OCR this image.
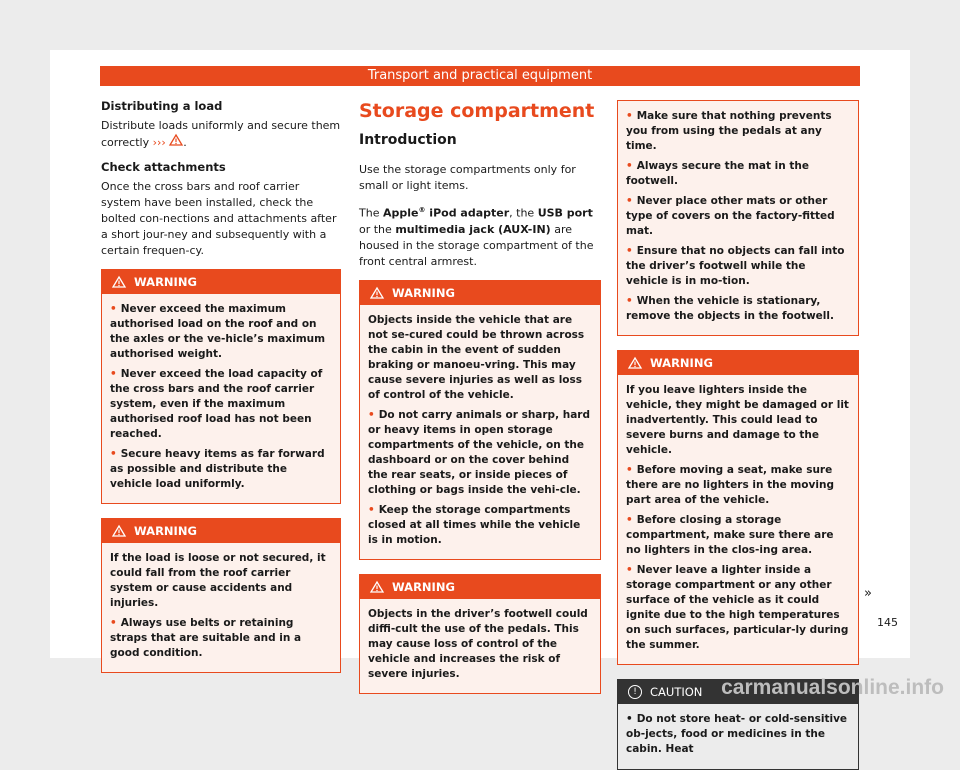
Transport and practical equipment
Distributing a load

Distribute loads uniformly and secure them correctly ››› .

Check attachments

Once the cross bars and roof carrier system have been installed, check the bolted con-nections and attachments after a short jour-ney and subsequently with a certain frequen-cy.

WARNING

• Never exceed the maximum authorised load on the roof and on the axles or the ve-hicle’s maximum authorised weight.

• Never exceed the load capacity of the cross bars and the roof carrier system, even if the maximum authorised roof load has not been reached.

• Secure heavy items as far forward as possible and distribute the vehicle load uniformly.

WARNING

If the load is loose or not secured, it could fall from the roof carrier system or cause accidents and injuries.

• Always use belts or retaining straps that are suitable and in a good condition.

Storage compartment
Introduction

Use the storage compartments only for small or light items.

The Apple® iPod adapter, the USB port or the multimedia jack (AUX-IN) are housed in the storage compartment of the front central armrest.

WARNING

Objects inside the vehicle that are not se-cured could be thrown across the cabin in the event of sudden braking or manoeu-vring. This may cause severe injuries as well as loss of control of the vehicle.

• Do not carry animals or sharp, hard or heavy items in open storage compartments of the vehicle, on the dashboard or on the cover behind the rear seats, or inside pieces of clothing or bags inside the vehi-cle.

• Keep the storage compartments closed at all times while the vehicle is in motion.

WARNING

Objects in the driver’s footwell could diffi-cult the use of the pedals. This may cause loss of control of the vehicle and increases the risk of severe injuries.

• Make sure that nothing prevents you from using the pedals at any time.

• Always secure the mat in the footwell.

• Never place other mats or other type of covers on the factory-fitted mat.

• Ensure that no objects can fall into the driver’s footwell while the vehicle is in mo-tion.

• When the vehicle is stationary, remove the objects in the footwell.

WARNING

If you leave lighters inside the vehicle, they might be damaged or lit inadvertently. This could lead to severe burns and damage to the vehicle.

• Before moving a seat, make sure there are no lighters in the moving part area of the vehicle.

• Before closing a storage compartment, make sure there are no lighters in the clos-ing area.

• Never leave a lighter inside a storage compartment or any other surface of the vehicle as it could ignite due to the high temperatures on such surfaces, particular-ly during the summer.

!	CAUTION

• Do not store heat- or cold-sensitive ob-jects, food or medicines in the cabin. Heat

»
145
carmanualsonline.info
